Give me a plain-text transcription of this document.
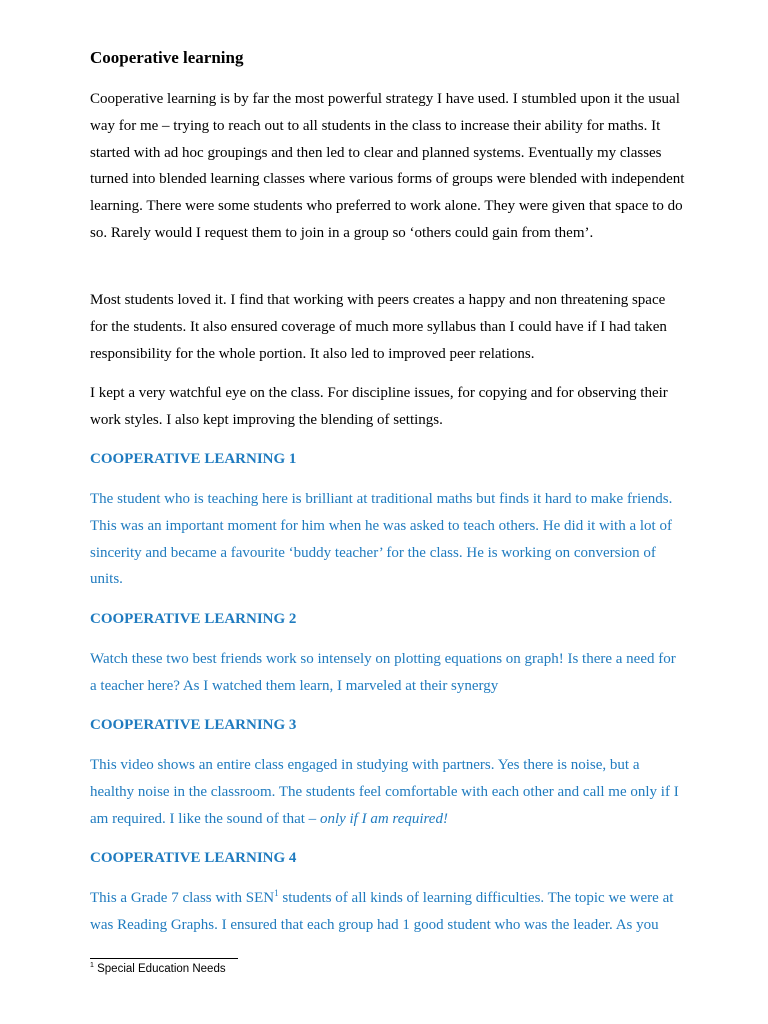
Cooperative learning

Cooperative learning is by far the most powerful strategy I have used. I stumbled upon it the usual way for me – trying to reach out to all students in the class to increase their ability for maths. It started with ad hoc groupings and then led to clear and planned systems. Eventually my classes turned into blended learning classes where various forms of groups were blended with independent learning. There were some students who preferred to work alone. They were given that space to do so. Rarely would I request them to join in a group so ‘others could gain from them’.

Most students loved it. I find that working with peers creates a happy and non threatening space for the students. It also ensured coverage of much more syllabus than I could have if I had taken responsibility for the whole portion. It also led to improved peer relations.

I kept a very watchful eye on the class. For discipline issues, for copying and for observing their work styles. I also kept improving the blending of settings.

COOPERATIVE LEARNING 1

The student who is teaching here is brilliant at traditional maths but finds it hard to make friends. This was an important moment for him when he was asked to teach others. He did it with a lot of sincerity and became a favourite ‘buddy teacher’ for the class. He is working on conversion of units.

COOPERATIVE LEARNING 2

Watch these two best friends work so intensely on plotting equations on graph! Is there a need for a teacher here? As I watched them learn, I marveled at their synergy

COOPERATIVE LEARNING 3

This video shows an entire class engaged in studying with partners. Yes there is noise, but a healthy noise in the classroom. The students feel comfortable with each other and call me only if I am required. I like the sound of that – only if I am required!

COOPERATIVE LEARNING 4

This a Grade 7 class with SEN$^1$ students of all kinds of learning difficulties. The topic we were at was Reading Graphs. I ensured that each group had 1 good student who was the leader. As you

$^1$ Special Education Needs
